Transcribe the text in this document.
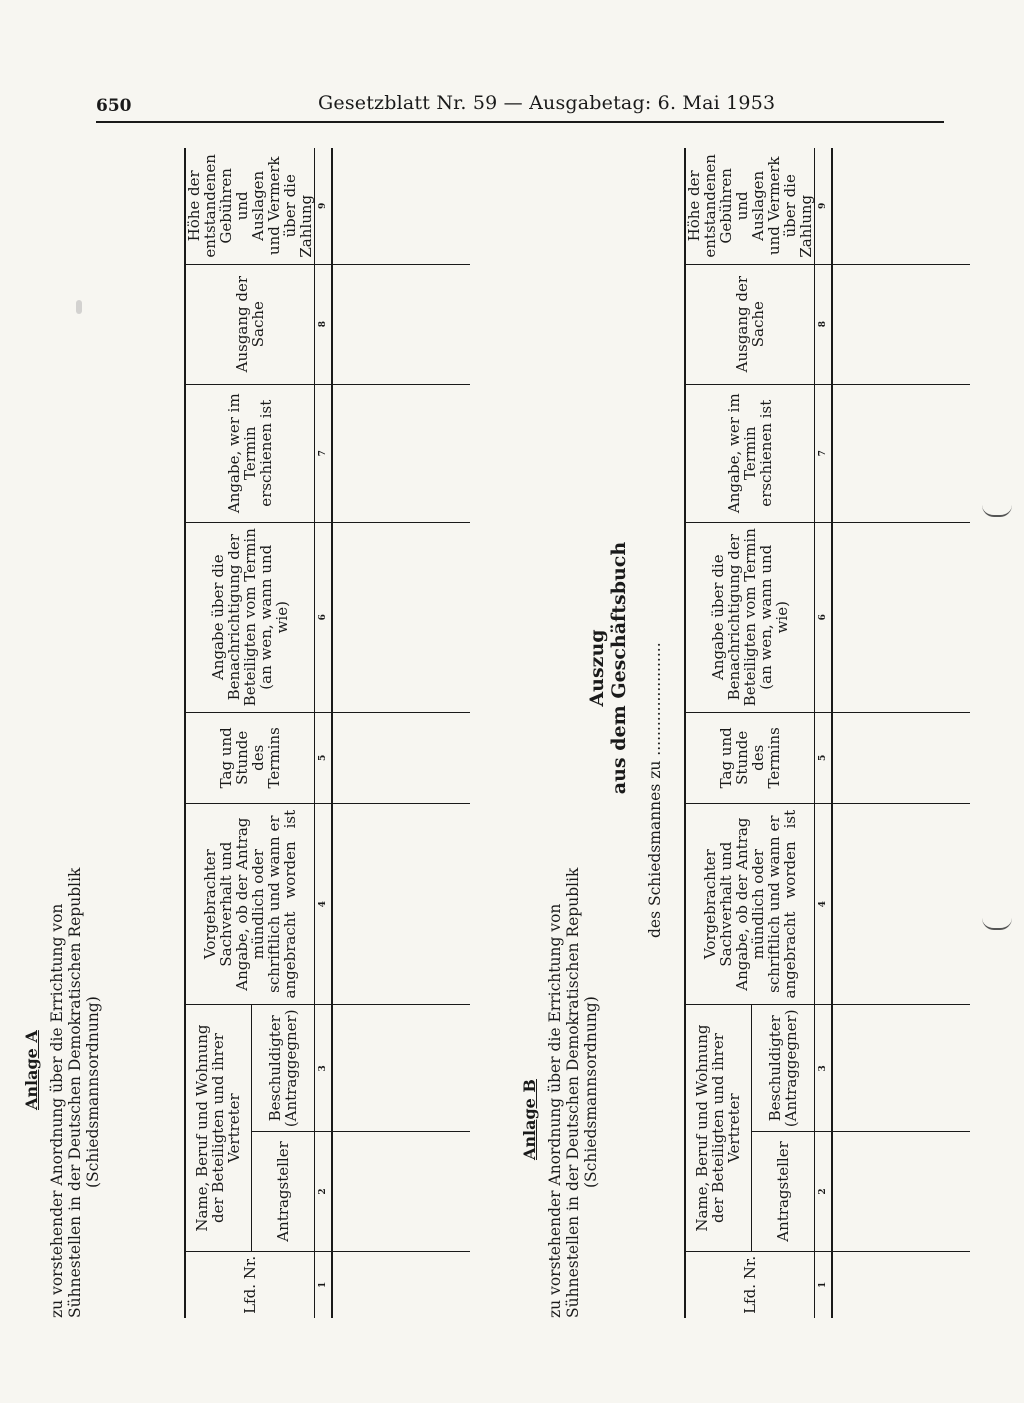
650	Gesetzblatt Nr. 59 — Ausgabetag: 6. Mai 1953
Anlage A zu vorstehender Anordnung über die Errichtung von Sühnestellen in der Deutschen Demokratischen Republik (Schiedsmannsordnung)
Lfd. Nr.	Name, Beruf und Wohnung der Beteiligten und ihrer Vertreter		Vorgebrachter Sachverhalt und Angabe, ob der Antrag mündlich oder schriftlich und wann er angebracht worden ist	Tag und Stunde des Termins	Angabe über die Benachrichtigung der Beteiligten vom Termin (an wen, wann und wie)	Angabe, wer im Termin erschienen ist	Ausgang der Sache	Höhe der entstandenen Gebühren und Auslagen und Vermerk über die Zahlung
	Antragsteller	Beschuldigter (Antraggegner)						
1	2	3	4	5	6	7	8	9

Anlage B zu vorstehender Anordnung über die Errichtung von Sühnestellen in der Deutschen Demokratischen Republik (Schiedsmannsordnung)
Auszug aus dem Geschäftsbuch des Schiedsmannes zu .......................
Lfd. Nr.	Name, Beruf und Wohnung der Beteiligten und ihrer Vertreter		Vorgebrachter Sachverhalt und Angabe, ob der Antrag mündlich oder schriftlich und wann er angebracht worden ist	Tag und Stunde des Termins	Angabe über die Benachrichtigung der Beteiligten vom Termin (an wen, wann und wie)	Angabe, wer im Termin erschienen ist	Ausgang der Sache	Höhe der entstandenen Gebühren und Auslagen und Vermerk über die Zahlung
	Antragsteller	Beschuldigter (Antraggegner)						
1	2	3	4	5	6	7	8	9
